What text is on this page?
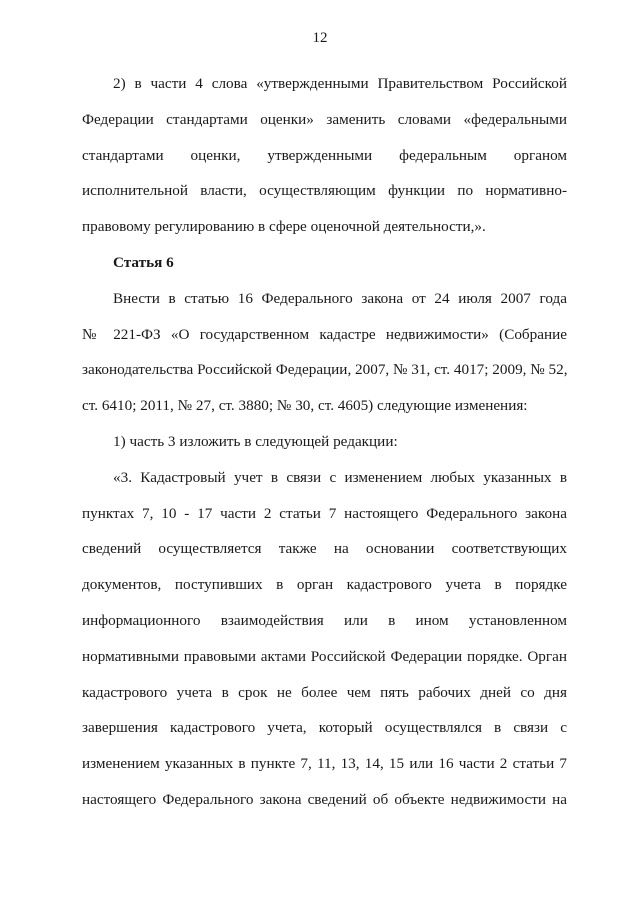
12
2) в части 4 слова «утвержденными Правительством Российской
Федерации стандартами оценки» заменить словами «федеральными
стандартами оценки, утвержденными федеральным органом
исполнительной власти, осуществляющим функции по нормативно-
правовому регулированию в сфере оценочной деятельности,».
Статья 6
Внести в статью 16 Федерального закона от 24 июля 2007 года
№ 221-ФЗ «О государственном кадастре недвижимости» (Собрание
законодательства Российской Федерации, 2007, № 31, ст. 4017; 2009, № 52,
ст. 6410; 2011, № 27, ст. 3880; № 30, ст. 4605) следующие изменения:
1) часть 3 изложить в следующей редакции:
«3. Кадастровый учет в связи с изменением любых указанных в
пунктах 7, 10 - 17 части 2 статьи 7 настоящего Федерального закона
сведений осуществляется также на основании соответствующих
документов, поступивших в орган кадастрового учета в порядке
информационного взаимодействия или в ином установленном
нормативными правовыми актами Российской Федерации порядке. Орган
кадастрового учета в срок не более чем пять рабочих дней со дня
завершения кадастрового учета, который осуществлялся в связи с
изменением указанных в пункте 7, 11, 13, 14, 15 или 16 части 2 статьи 7
настоящего Федерального закона сведений об объекте недвижимости на
